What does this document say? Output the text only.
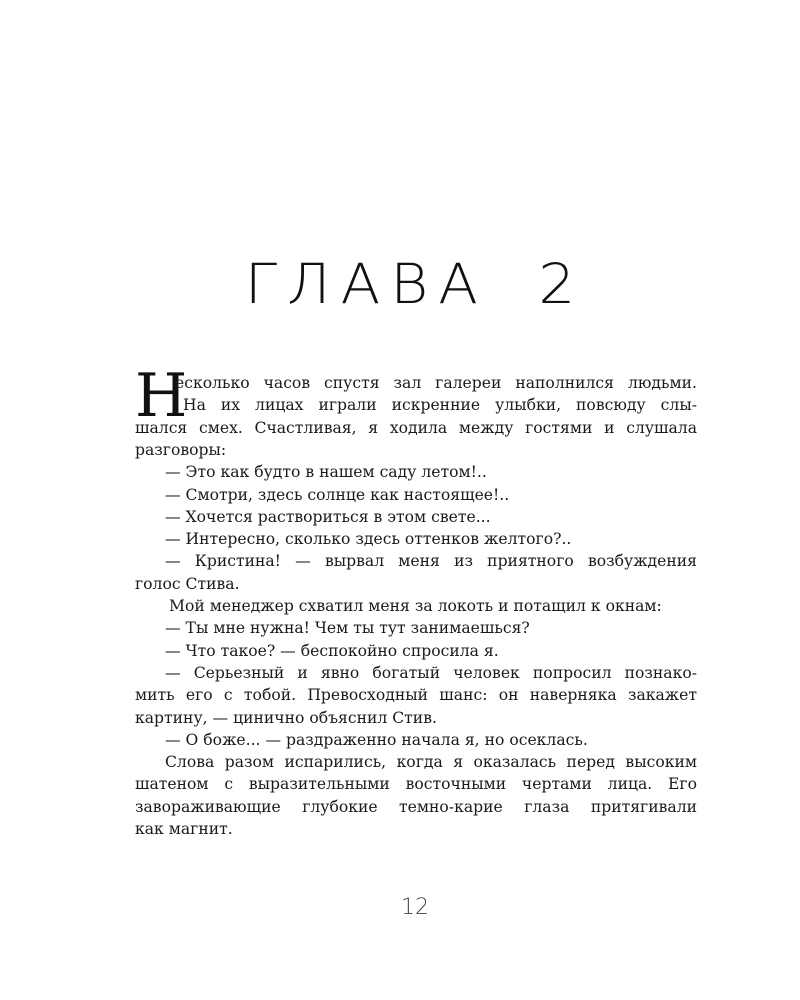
ГЛАВА 2
Н
есколько часов спустя зал галереи наполнился людьми.
На их лицах играли искренние улыбки, повсюду слы-
шался смех. Счастливая, я ходила между гостями и слушала
разговоры:
— Это как будто в нашем саду летом!..
— Смотри, здесь солнце как настоящее!..
— Хочется раствориться в этом свете...
— Интересно, сколько здесь оттенков желтого?..
— Кристина! — вырвал меня из приятного возбуждения
голос Стива.
Мой менеджер схватил меня за локоть и потащил к окнам:
— Ты мне нужна! Чем ты тут занимаешься?
— Что такое? — беспокойно спросила я.
— Серьезный и явно богатый человек попросил познако-
мить его с тобой. Превосходный шанс: он наверняка закажет
картину, — цинично объяснил Стив.
— О боже... — раздраженно начала я, но осеклась.
Слова разом испарились, когда я оказалась перед высоким
шатеном с выразительными восточными чертами лица. Его
завораживающие глубокие темно-карие глаза притягивали
как магнит.
12
